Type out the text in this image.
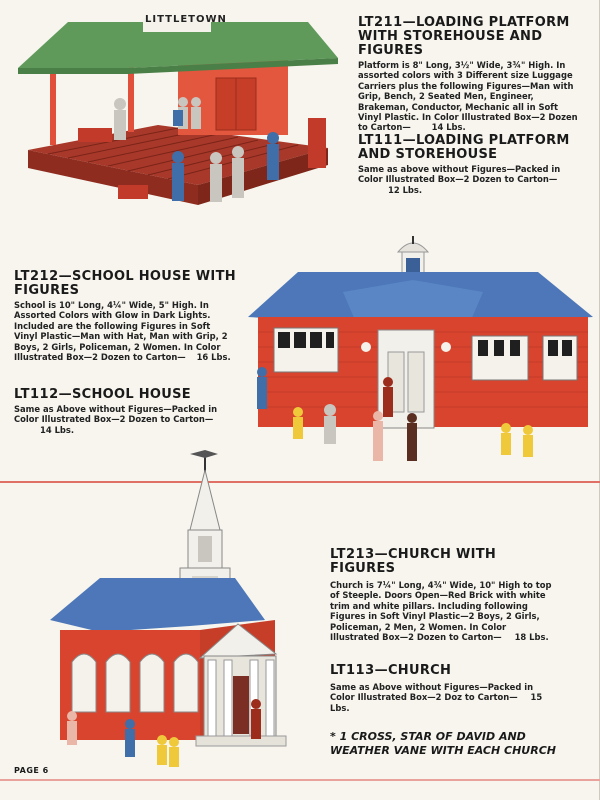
LITTLETOWN	LT211—LOADING PLATFORM WITH STOREHOUSE AND FIGURES
Platform is 8" Long, 3½" Wide, 3¾" High. In assorted colors with 3 Different size Luggage Carriers plus the following Figures—Man with Grip, Bench, 2 Seated Men, Engineer, Brakeman, Conductor, Mechanic all in Soft Vinyl Plastic. In Color Illustrated Box—2 Dozen to Carton— 14 Lbs.
LT111—LOADING PLATFORM AND STOREHOUSE
Same as above without Figures—Packed in Color Illustrated Box—2 Dozen to Carton—
12 Lbs.
LT212—SCHOOL HOUSE WITH FIGURES
School is 10" Long, 4¼" Wide, 5" High. In Assorted Colors with Glow in Dark Lights. Included are the following Figures in Soft Vinyl Plastic—Man with Hat, Man with Grip, 2 Boys, 2 Girls, Policeman, 2 Women. In Color Illustrated Box—2 Dozen to Carton— 16 Lbs.
LT112—SCHOOL HOUSE
Same as Above without Figures—Packed in Color Illustrated Box—2 Dozen to Carton—
14 Lbs.
LT213—CHURCH WITH FIGURES
Church is 7¼" Long, 4¾" Wide, 10" High to top of Steeple. Doors Open—Red Brick with white trim and white pillars. Including following Figures in Soft Vinyl Plastic—2 Boys, 2 Girls, Policeman, 2 Men, 2 Women. In Color Illustrated Box—2 Dozen to Carton— 18 Lbs.
LT113—CHURCH
Same as Above without Figures—Packed in Color Illustrated Box—2 Doz to Carton— 15 Lbs.
* 1 CROSS, STAR OF DAVID AND WEATHER VANE WITH EACH CHURCH
PAGE 6
